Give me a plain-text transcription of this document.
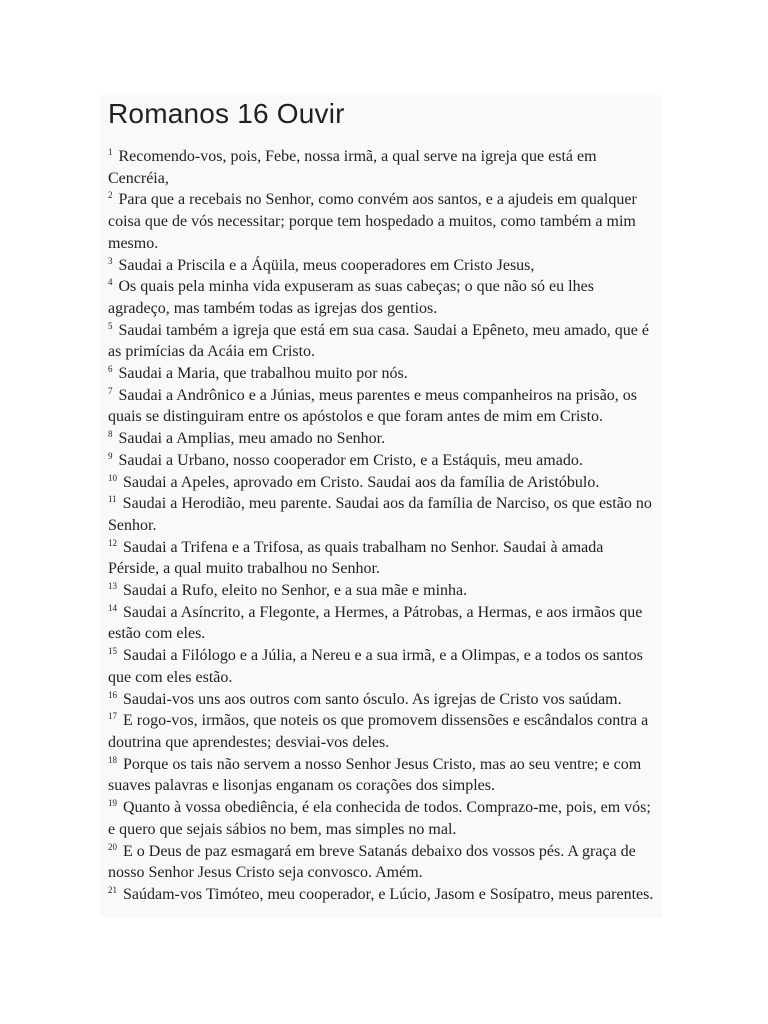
Romanos 16 Ouvir

$^1$ Recomendo-vos, pois, Febe, nossa irmã, a qual serve na igreja que está em Cencréia,

$^2$ Para que a recebais no Senhor, como convém aos santos, e a ajudeis em qualquer coisa que de vós necessitar; porque tem hospedado a muitos, como também a mim mesmo.

$^3$ Saudai a Priscila e a Áqüila, meus cooperadores em Cristo Jesus,

$^4$ Os quais pela minha vida expuseram as suas cabeças; o que não só eu lhes agradeço, mas também todas as igrejas dos gentios.

$^5$ Saudai também a igreja que está em sua casa. Saudai a Epêneto, meu amado, que é as primícias da Acáia em Cristo.

$^6$ Saudai a Maria, que trabalhou muito por nós.

$^7$ Saudai a Andrônico e a Júnias, meus parentes e meus companheiros na prisão, os quais se distinguiram entre os apóstolos e que foram antes de mim em Cristo.

$^8$ Saudai a Amplias, meu amado no Senhor.

$^9$ Saudai a Urbano, nosso cooperador em Cristo, e a Estáquis, meu amado.

$^{10}$ Saudai a Apeles, aprovado em Cristo. Saudai aos da família de Aristóbulo.

$^{11}$ Saudai a Herodião, meu parente. Saudai aos da família de Narciso, os que estão no Senhor.

$^{12}$ Saudai a Trifena e a Trifosa, as quais trabalham no Senhor. Saudai à amada Pérside, a qual muito trabalhou no Senhor.

$^{13}$ Saudai a Rufo, eleito no Senhor, e a sua mãe e minha.

$^{14}$ Saudai a Asíncrito, a Flegonte, a Hermes, a Pátrobas, a Hermas, e aos irmãos que estão com eles.

$^{15}$ Saudai a Filólogo e a Júlia, a Nereu e a sua irmã, e a Olimpas, e a todos os santos que com eles estão.

$^{16}$ Saudai-vos uns aos outros com santo ósculo. As igrejas de Cristo vos saúdam.

$^{17}$ E rogo-vos, irmãos, que noteis os que promovem dissensões e escândalos contra a doutrina que aprendestes; desviai-vos deles.

$^{18}$ Porque os tais não servem a nosso Senhor Jesus Cristo, mas ao seu ventre; e com suaves palavras e lisonjas enganam os corações dos simples.

$^{19}$ Quanto à vossa obediência, é ela conhecida de todos. Comprazo-me, pois, em vós; e quero que sejais sábios no bem, mas simples no mal.

$^{20}$ E o Deus de paz esmagará em breve Satanás debaixo dos vossos pés. A graça de nosso Senhor Jesus Cristo seja convosco. Amém.

$^{21}$ Saúdam-vos Timóteo, meu cooperador, e Lúcio, Jasom e Sosípatro, meus parentes.
